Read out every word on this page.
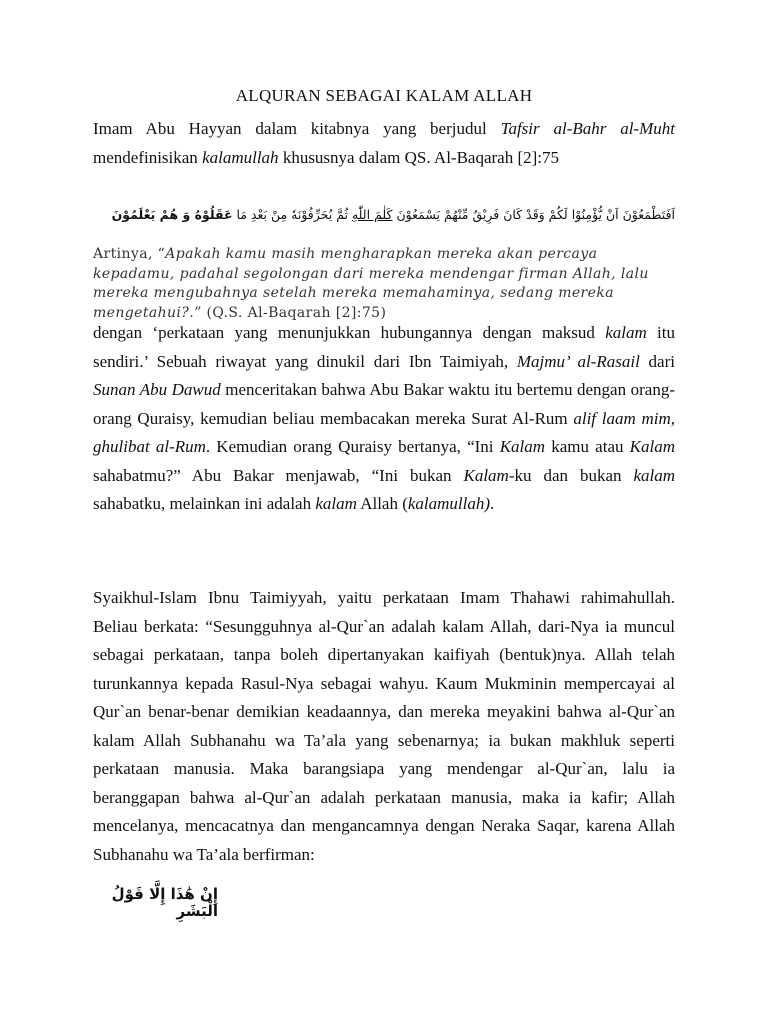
ALQURAN SEBAGAI KALAM ALLAH

Imam Abu Hayyan dalam kitabnya yang berjudul Tafsir al-Bahr al-Muht mendefinisikan kalamullah khususnya dalam QS. Al-Baqarah [2]:75

اَفَتَطْمَعُوْنَ اَنْ يُّؤْمِنُوْا لَكُمْ وَقَدْ كَانَ فَرِيْقٌ مِّنْهُمْ يَسْمَعُوْنَ كَلٰمَ اللّٰهِ ثُمَّ يُحَرِّفُوْنَهٗ مِنْ بَعْدِ مَا عَقَلُوْهُ وَ هُمْ يَعْلَمُوْنَ

Artinya, “Apakah kamu masih mengharapkan mereka akan percaya kepadamu, padahal segolongan dari mereka mendengar firman Allah, lalu mereka mengubahnya setelah mereka memahaminya, sedang mereka mengetahui?.” (Q.S. Al-Baqarah [2]:75)

dengan ‘perkataan yang menunjukkan hubungannya dengan maksud kalam itu sendiri.’ Sebuah riwayat yang dinukil dari Ibn Taimiyah, Majmu’ al-Rasail dari Sunan Abu Dawud menceritakan bahwa Abu Bakar waktu itu bertemu dengan orang-orang Quraisy, kemudian beliau membacakan mereka Surat Al-Rum alif laam mim, ghulibat al-Rum. Kemudian orang Quraisy bertanya, “Ini Kalam kamu atau Kalam sahabatmu?” Abu Bakar menjawab, “Ini bukan Kalam-ku dan bukan kalam sahabatku, melainkan ini adalah kalam Allah (kalamullah).

Syaikhul-Islam Ibnu Taimiyyah, yaitu perkataan Imam Thahawi rahimahullah. Beliau berkata: “Sesungguhnya al-Qur`an adalah kalam Allah, dari-Nya ia muncul sebagai perkataan, tanpa boleh dipertanyakan kaifiyah (bentuk)nya. Allah telah turunkannya kepada Rasul-Nya sebagai wahyu. Kaum Mukminin mempercayai al Qur`an benar-benar demikian keadaannya, dan mereka meyakini bahwa al-Qur`an kalam Allah Subhanahu wa Ta’ala yang sebenarnya; ia bukan makhluk seperti perkataan manusia. Maka barangsiapa yang mendengar al-Qur`an, lalu ia beranggapan bahwa al-Qur`an adalah perkataan manusia, maka ia kafir; Allah mencelanya, mencacatnya dan mengancamnya dengan Neraka Saqar, karena Allah Subhanahu wa Ta’ala berfirman:

إِنْ هَٰذَا إِلَّا قَوْلُ الْبَشَرِ
